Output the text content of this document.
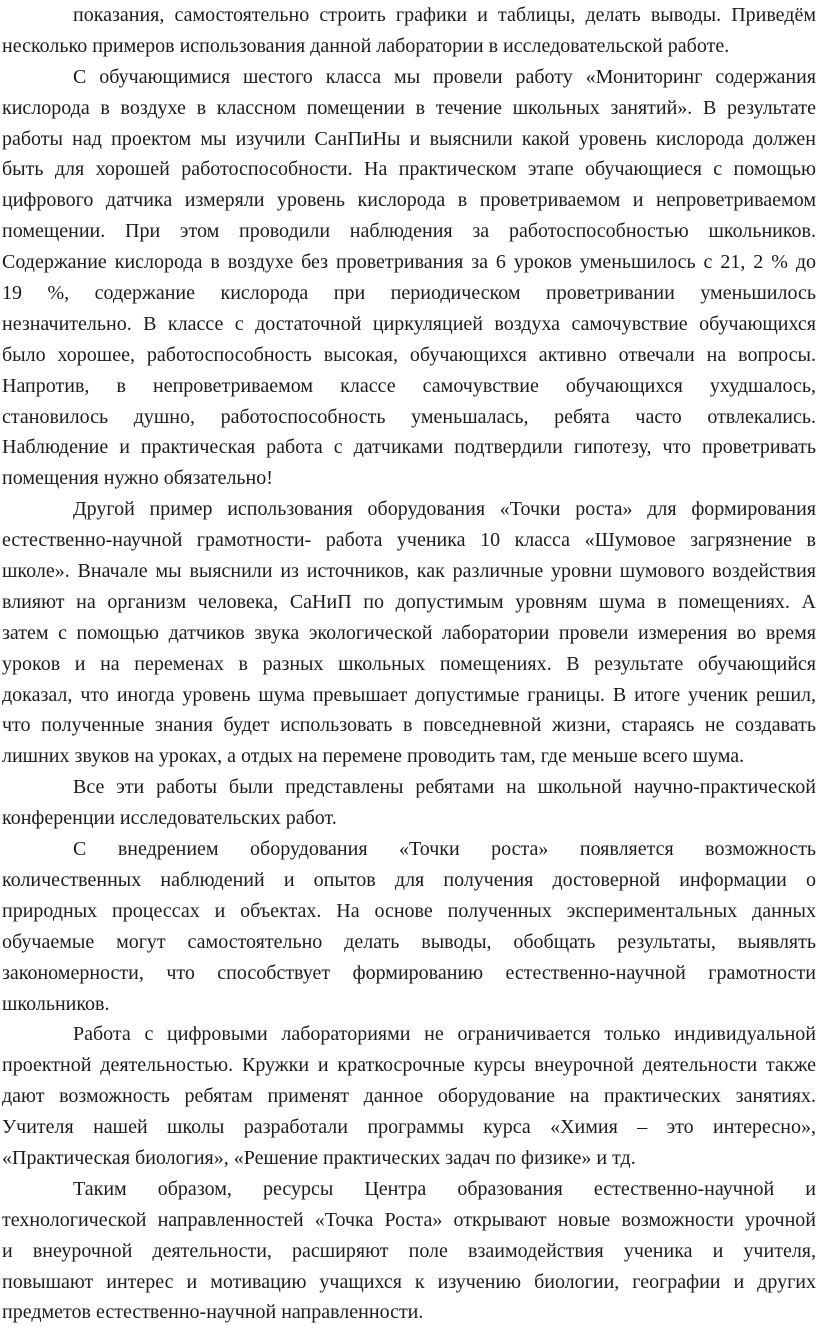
показания, самостоятельно строить графики и таблицы, делать выводы. Приведём
несколько примеров использования данной лаборатории в исследовательской работе.
С обучающимися шестого класса мы провели работу «Мониторинг содержания
кислорода в воздухе в классном помещении в течение школьных занятий». В результате
работы над проектом мы изучили СанПиНы и выяснили какой уровень кислорода должен
быть для хорошей работоспособности. На практическом этапе обучающиеся с помощью
цифрового датчика измеряли уровень кислорода в проветриваемом и непроветриваемом
помещении. При этом проводили наблюдения за работоспособностью школьников.
Содержание кислорода в воздухе без проветривания за 6 уроков уменьшилось с 21, 2 % до
19 %, содержание кислорода при периодическом проветривании уменьшилось
незначительно. В классе с достаточной циркуляцией воздуха самочувствие обучающихся
было хорошее, работоспособность высокая, обучающихся активно отвечали на вопросы.
Напротив, в непроветриваемом классе самочувствие обучающихся ухудшалось,
становилось душно, работоспособность уменьшалась, ребята часто отвлекались.
Наблюдение и практическая работа с датчиками подтвердили гипотезу, что проветривать
помещения нужно обязательно!
Другой пример использования оборудования «Точки роста» для формирования
естественно-научной грамотности- работа ученика 10 класса «Шумовое загрязнение в
школе». Вначале мы выяснили из источников, как различные уровни шумового воздействия
влияют на организм человека, СаНиП по допустимым уровням шума в помещениях. А
затем с помощью датчиков звука экологической лаборатории провели измерения во время
уроков и на переменах в разных школьных помещениях. В результате обучающийся
доказал, что иногда уровень шума превышает допустимые границы. В итоге ученик решил,
что полученные знания будет использовать в повседневной жизни, стараясь не создавать
лишних звуков на уроках, а отдых на перемене проводить там, где меньше всего шума.
Все эти работы были представлены ребятами на школьной научно-практической
конференции исследовательских работ.
С внедрением оборудования «Точки роста» появляется возможность
количественных наблюдений и опытов для получения достоверной информации о
природных процессах и объектах. На основе полученных экспериментальных данных
обучаемые могут самостоятельно делать выводы, обобщать результаты, выявлять
закономерности, что способствует формированию естественно-научной грамотности
школьников.
Работа с цифровыми лабораториями не ограничивается только индивидуальной
проектной деятельностью. Кружки и краткосрочные курсы внеурочной деятельности также
дают возможность ребятам применят данное оборудование на практических занятиях.
Учителя нашей школы разработали программы курса «Химия – это интересно»,
«Практическая биология», «Решение практических задач по физике» и тд.
Таким образом, ресурсы Центра образования естественно-научной и
технологической направленностей «Точка Роста» открывают новые возможности урочной
и внеурочной деятельности, расширяют поле взаимодействия ученика и учителя,
повышают интерес и мотивацию учащихся к изучению биологии, географии и других
предметов естественно-научной направленности.
